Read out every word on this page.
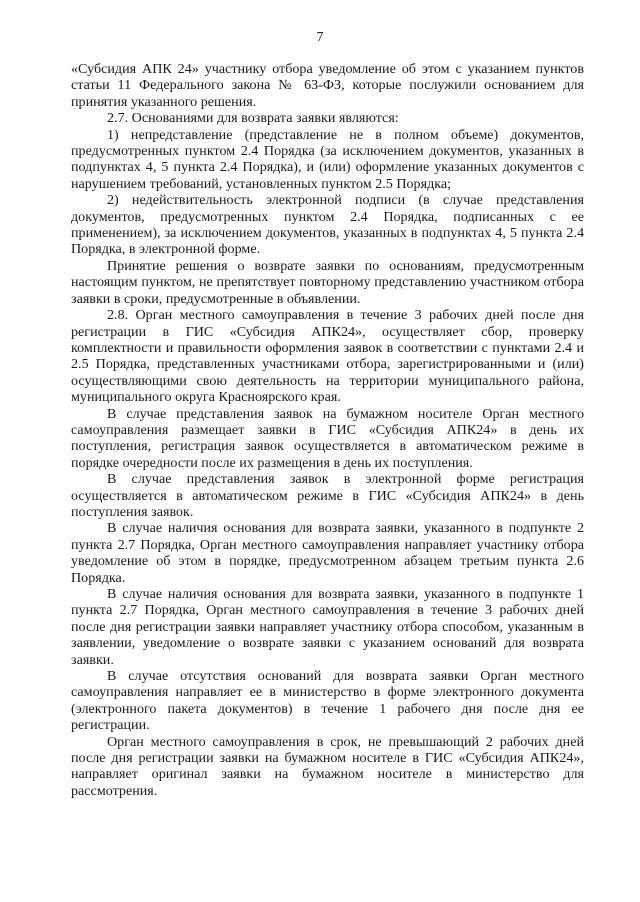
7

«Субсидия АПК 24» участнику отбора уведомление об этом с указанием пунктов статьи 11 Федерального закона № 63-ФЗ, которые послужили основанием для принятия указанного решения.

2.7. Основаниями для возврата заявки являются:

1) непредставление (представление не в полном объеме) документов, предусмотренных пунктом 2.4 Порядка (за исключением документов, указанных в подпунктах 4, 5 пункта 2.4 Порядка), и (или) оформление указанных документов с нарушением требований, установленных пунктом 2.5 Порядка;

2) недействительность электронной подписи (в случае представления документов, предусмотренных пунктом 2.4 Порядка, подписанных с ее применением), за исключением документов, указанных в подпунктах 4, 5 пункта 2.4 Порядка, в электронной форме.

Принятие решения о возврате заявки по основаниям, предусмотренным настоящим пунктом, не препятствует повторному представлению участником отбора заявки в сроки, предусмотренные в объявлении.

2.8. Орган местного самоуправления в течение 3 рабочих дней после дня регистрации в ГИС «Субсидия АПК24», осуществляет сбор, проверку комплектности и правильности оформления заявок в соответствии с пунктами 2.4 и 2.5 Порядка, представленных участниками отбора, зарегистрированными и (или) осуществляющими свою деятельность на территории муниципального района, муниципального округа Красноярского края.

В случае представления заявок на бумажном носителе Орган местного самоуправления размещает заявки в ГИС «Субсидия АПК24» в день их поступления, регистрация заявок осуществляется в автоматическом режиме в порядке очередности после их размещения в день их поступления.

В случае представления заявок в электронной форме регистрация осуществляется в автоматическом режиме в ГИС «Субсидия АПК24» в день поступления заявок.

В случае наличия основания для возврата заявки, указанного в подпункте 2 пункта 2.7 Порядка, Орган местного самоуправления направляет участнику отбора уведомление об этом в порядке, предусмотренном абзацем третьим пункта 2.6 Порядка.

В случае наличия основания для возврата заявки, указанного в подпункте 1 пункта 2.7 Порядка, Орган местного самоуправления в течение 3 рабочих дней после дня регистрации заявки направляет участнику отбора способом, указанным в заявлении, уведомление о возврате заявки с указанием оснований для возврата заявки.

В случае отсутствия оснований для возврата заявки Орган местного самоуправления направляет ее в министерство в форме электронного документа (электронного пакета документов) в течение 1 рабочего дня после дня ее регистрации.

Орган местного самоуправления в срок, не превышающий 2 рабочих дней после дня регистрации заявки на бумажном носителе в ГИС «Субсидия АПК24», направляет оригинал заявки на бумажном носителе в министерство для рассмотрения.
